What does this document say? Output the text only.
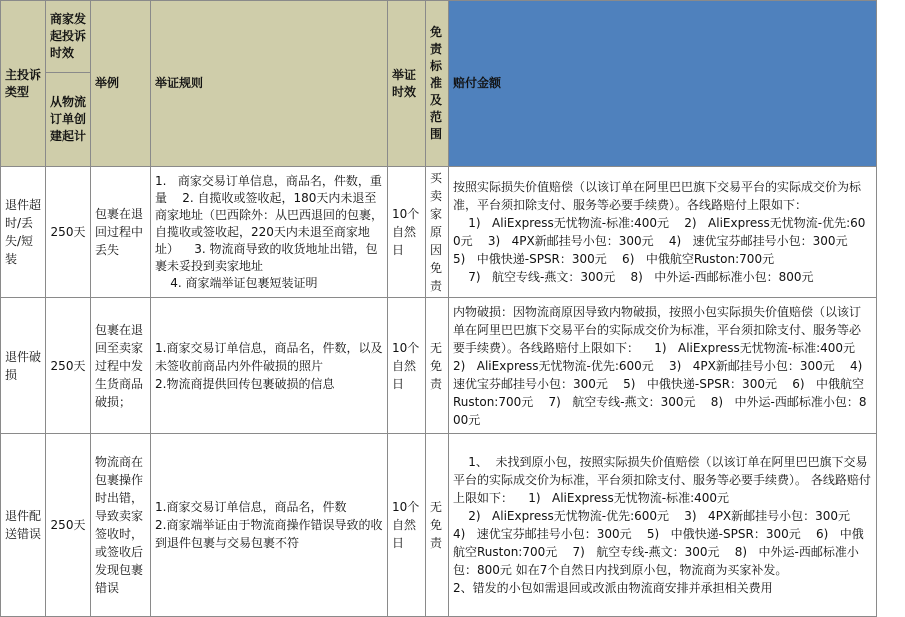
主投诉类型	商家发起投诉时效	举例	举证规则	举证时效	免责标准及范围	赔付金额
	从物流订单创建起计					
退件超时/丢失/短装	250天	包裹在退回过程中丢失	1.   商家交易订单信息，商品名，件数，重量    2. 自揽收或签收起，180天内未退至商家地址（巴西除外：从巴西退回的包裹，自揽收或签收起，220天内未退至商家地址）    3. 物流商导致的收货地址出错，包裹未妥投到卖家地址
4. 商家端举证包裹短装证明	10个自然日	买卖家原因免责	按照实际损失价值赔偿（以该订单在阿里巴巴旗下交易平台的实际成交价为标准，平台须扣除支付、服务等必要手续费）。各线路赔付上限如下：
1)   AliExpress无忧物流-标准:400元    2)   AliExpress无忧物流-优先:600元    3)   4PX新邮挂号小包：300元    4)   速优宝芬邮挂号小包：300元    5)   中俄快递-SPSR：300元    6)   中俄航空Ruston:700元
7)   航空专线-燕文：300元    8)   中外运-西邮标准小包：800元
退件破损	250天	包裹在退回至卖家过程中发生货商品破损；	1.商家交易订单信息，商品名，件数，以及未签收前商品内外件破损的照片
2.物流商提供回传包裹破损的信息	10个自然日	无免责	内物破损：因物流商原因导致内物破损，按照小包实际损失价值赔偿（以该订单在阿里巴巴旗下交易平台的实际成交价为标准，平台须扣除支付、服务等必要手续费）。各线路赔付上限如下：    1)   AliExpress无忧物流-标准:400元    2)   AliExpress无忧物流-优先:600元    3)   4PX新邮挂号小包：300元    4)   速优宝芬邮挂号小包：300元    5)   中俄快递-SPSR：300元    6)   中俄航空Ruston:700元    7)   航空专线-燕文：300元    8)   中外运-西邮标准小包：800元
退件配送错误	250天	物流商在包裹操作时出错，导致卖家签收时，或签收后发现包裹错误	1.商家交易订单信息，商品名，件数
2.商家端举证由于物流商操作错误导致的收到退件包裹与交易包裹不符	10个自然日	无免责	1、  未找到原小包，按照实际损失价值赔偿（以该订单在阿里巴巴旗下交易平台的实际成交价为标准，平台须扣除支付、服务等必要手续费）。 各线路赔付上限如下：    1)   AliExpress无忧物流-标准:400元
2)   AliExpress无忧物流-优先:600元    3)   4PX新邮挂号小包：300元    4)   速优宝芬邮挂号小包：300元    5)   中俄快递-SPSR：300元    6)   中俄航空Ruston:700元    7)   航空专线-燕文：300元    8)   中外运-西邮标准小包：800元 如在7个自然日内找到原小包，物流商为买家补发。
2、错发的小包如需退回或改派由物流商安排并承担相关费用
